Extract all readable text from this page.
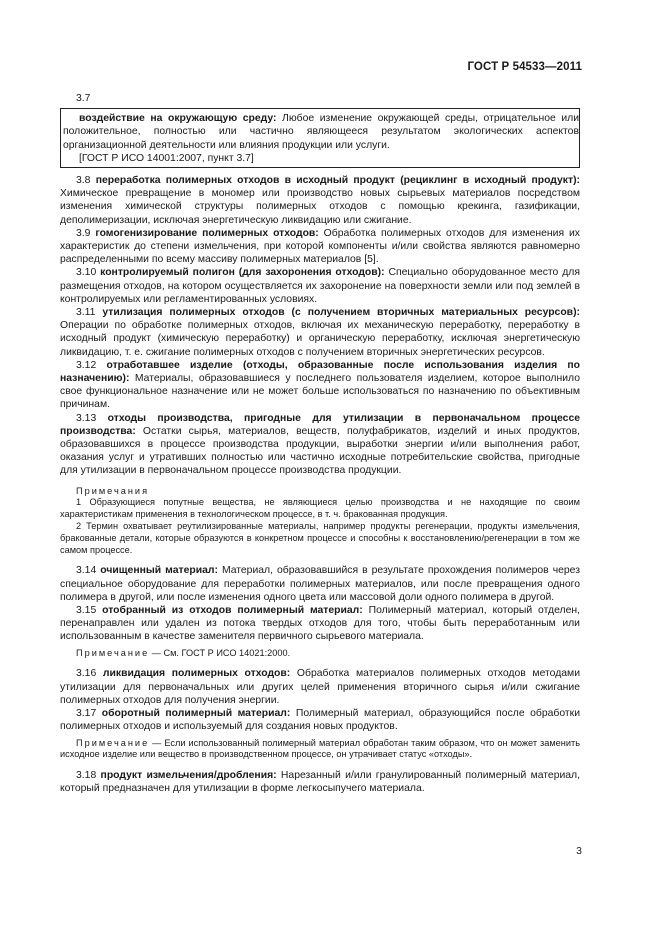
ГОСТ Р 54533—2011
3.7

воздействие на окружающую среду: Любое изменение окружающей среды, отрицательное или положительное, полностью или частично являющееся результатом экологических аспектов организационной деятельности или влияния продукции или услуги.

[ГОСТ Р ИСО 14001:2007, пункт 3.7]

3.8 переработка полимерных отходов в исходный продукт (рециклинг в исходный продукт): Химическое превращение в мономер или производство новых сырьевых материалов посредством изменения химической структуры полимерных отходов с помощью крекинга, газификации, деполимеризации, исключая энергетическую ликвидацию или сжигание.

3.9 гомогенизирование полимерных отходов: Обработка полимерных отходов для изменения их характеристик до степени измельчения, при которой компоненты и/или свойства являются равномерно распределенными по всему массиву полимерных материалов [5].

3.10 контролируемый полигон (для захоронения отходов): Специально оборудованное место для размещения отходов, на котором осуществляется их захоронение на поверхности земли или под землей в контролируемых или регламентированных условиях.

3.11 утилизация полимерных отходов (с получением вторичных материальных ресурсов): Операции по обработке полимерных отходов, включая их механическую переработку, переработку в исходный продукт (химическую переработку) и органическую переработку, исключая энергетическую ликвидацию, т. е. сжигание полимерных отходов с получением вторичных энергетических ресурсов.

3.12 отработавшее изделие (отходы, образованные после использования изделия по назначению): Материалы, образовавшиеся у последнего пользователя изделием, которое выполнило свое функциональное назначение или не может больше использоваться по назначению по объективным причинам.

3.13 отходы производства, пригодные для утилизации в первоначальном процессе производства: Остатки сырья, материалов, веществ, полуфабрикатов, изделий и иных продуктов, образовавшихся в процессе производства продукции, выработки энергии и/или выполнения работ, оказания услуг и утративших полностью или частично исходные потребительские свойства, пригодные для утилизации в первоначальном процессе производства продукции.

Примечания

1 Образующиеся попутные вещества, не являющиеся целью производства и не находящие по своим характеристикам применения в технологическом процессе, в т. ч. бракованная продукция.

2 Термин охватывает реутилизированные материалы, например продукты регенерации, продукты измельчения, бракованные детали, которые образуются в конкретном процессе и способны к восстановлению/регенерации в том же самом процессе.

3.14 очищенный материал: Материал, образовавшийся в результате прохождения полимеров через специальное оборудование для переработки полимерных материалов, или после превращения одного полимера в другой, или после изменения одного цвета или массовой доли одного полимера в другой.

3.15 отобранный из отходов полимерный материал: Полимерный материал, который отделен, перенаправлен или удален из потока твердых отходов для того, чтобы быть переработанным или использованным в качестве заменителя первичного сырьевого материала.

Примечание — См. ГОСТ Р ИСО 14021:2000.

3.16 ликвидация полимерных отходов: Обработка материалов полимерных отходов методами утилизации для первоначальных или других целей применения вторичного сырья и/или сжигание полимерных отходов для получения энергии.

3.17 оборотный полимерный материал: Полимерный материал, образующийся после обработки полимерных отходов и используемый для создания новых продуктов.

Примечание — Если использованный полимерный материал обработан таким образом, что он может заменить исходное изделие или вещество в производственном процессе, он утрачивает статус «отходы».

3.18 продукт измельчения/дробления: Нарезанный и/или гранулированный полимерный материал, который предназначен для утилизации в форме легкосыпучего материала.

3
